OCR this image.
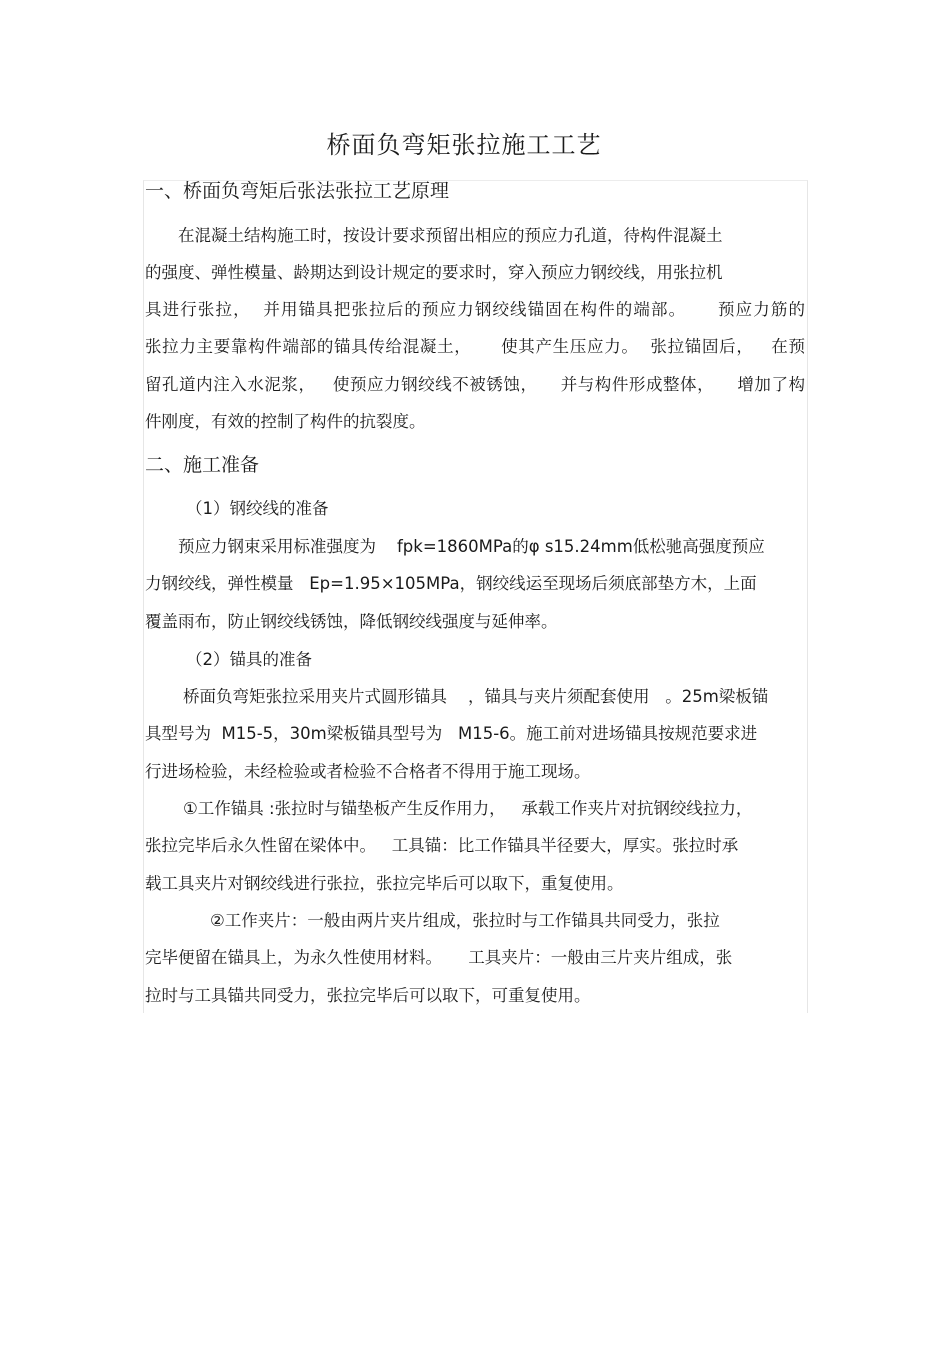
桥面负弯矩张拉施工工艺
一、桥面负弯矩后张法张拉工艺原理
在混凝土结构施工时，按设计要求预留出相应的预应力孔道，待构件混凝土
的强度、弹性模量、龄期达到设计规定的要求时，穿入预应力钢绞线，用张拉机
具进行张拉，  并用锚具把张拉后的预应力钢绞线锚固在构件的端部。     预应力筋的
张拉力主要靠构件端部的锚具传给混凝土，     使其产生压应力。  张拉锚固后，   在预
留孔道内注入水泥浆，   使预应力钢绞线不被锈蚀，    并与构件形成整体，    增加了构
件刚度，有效的控制了构件的抗裂度。
二、施工准备
（1）钢绞线的准备
预应力钢束采用标准强度为    fpk=1860MPa的φ s15.24mm低松驰高强度预应
力钢绞线，弹性模量   Ep=1.95×105MPa，钢绞线运至现场后须底部垫方木，上面
覆盖雨布，防止钢绞线锈蚀，降低钢绞线强度与延伸率。
（2）锚具的准备
桥面负弯矩张拉采用夹片式圆形锚具    ，锚具与夹片须配套使用   。25m梁板锚
具型号为  M15-5，30m梁板锚具型号为   M15-6。施工前对进场锚具按规范要求进
行进场检验，未经检验或者检验不合格者不得用于施工现场。
①工作锚具 :张拉时与锚垫板产生反作用力，   承载工作夹片对抗钢绞线拉力，
张拉完毕后永久性留在梁体中。   工具锚：比工作锚具半径要大，厚实。张拉时承
载工具夹片对钢绞线进行张拉，张拉完毕后可以取下，重复使用。
②工作夹片：一般由两片夹片组成，张拉时与工作锚具共同受力，张拉
完毕便留在锚具上，为永久性使用材料。     工具夹片：一般由三片夹片组成，张
拉时与工具锚共同受力，张拉完毕后可以取下，可重复使用。
